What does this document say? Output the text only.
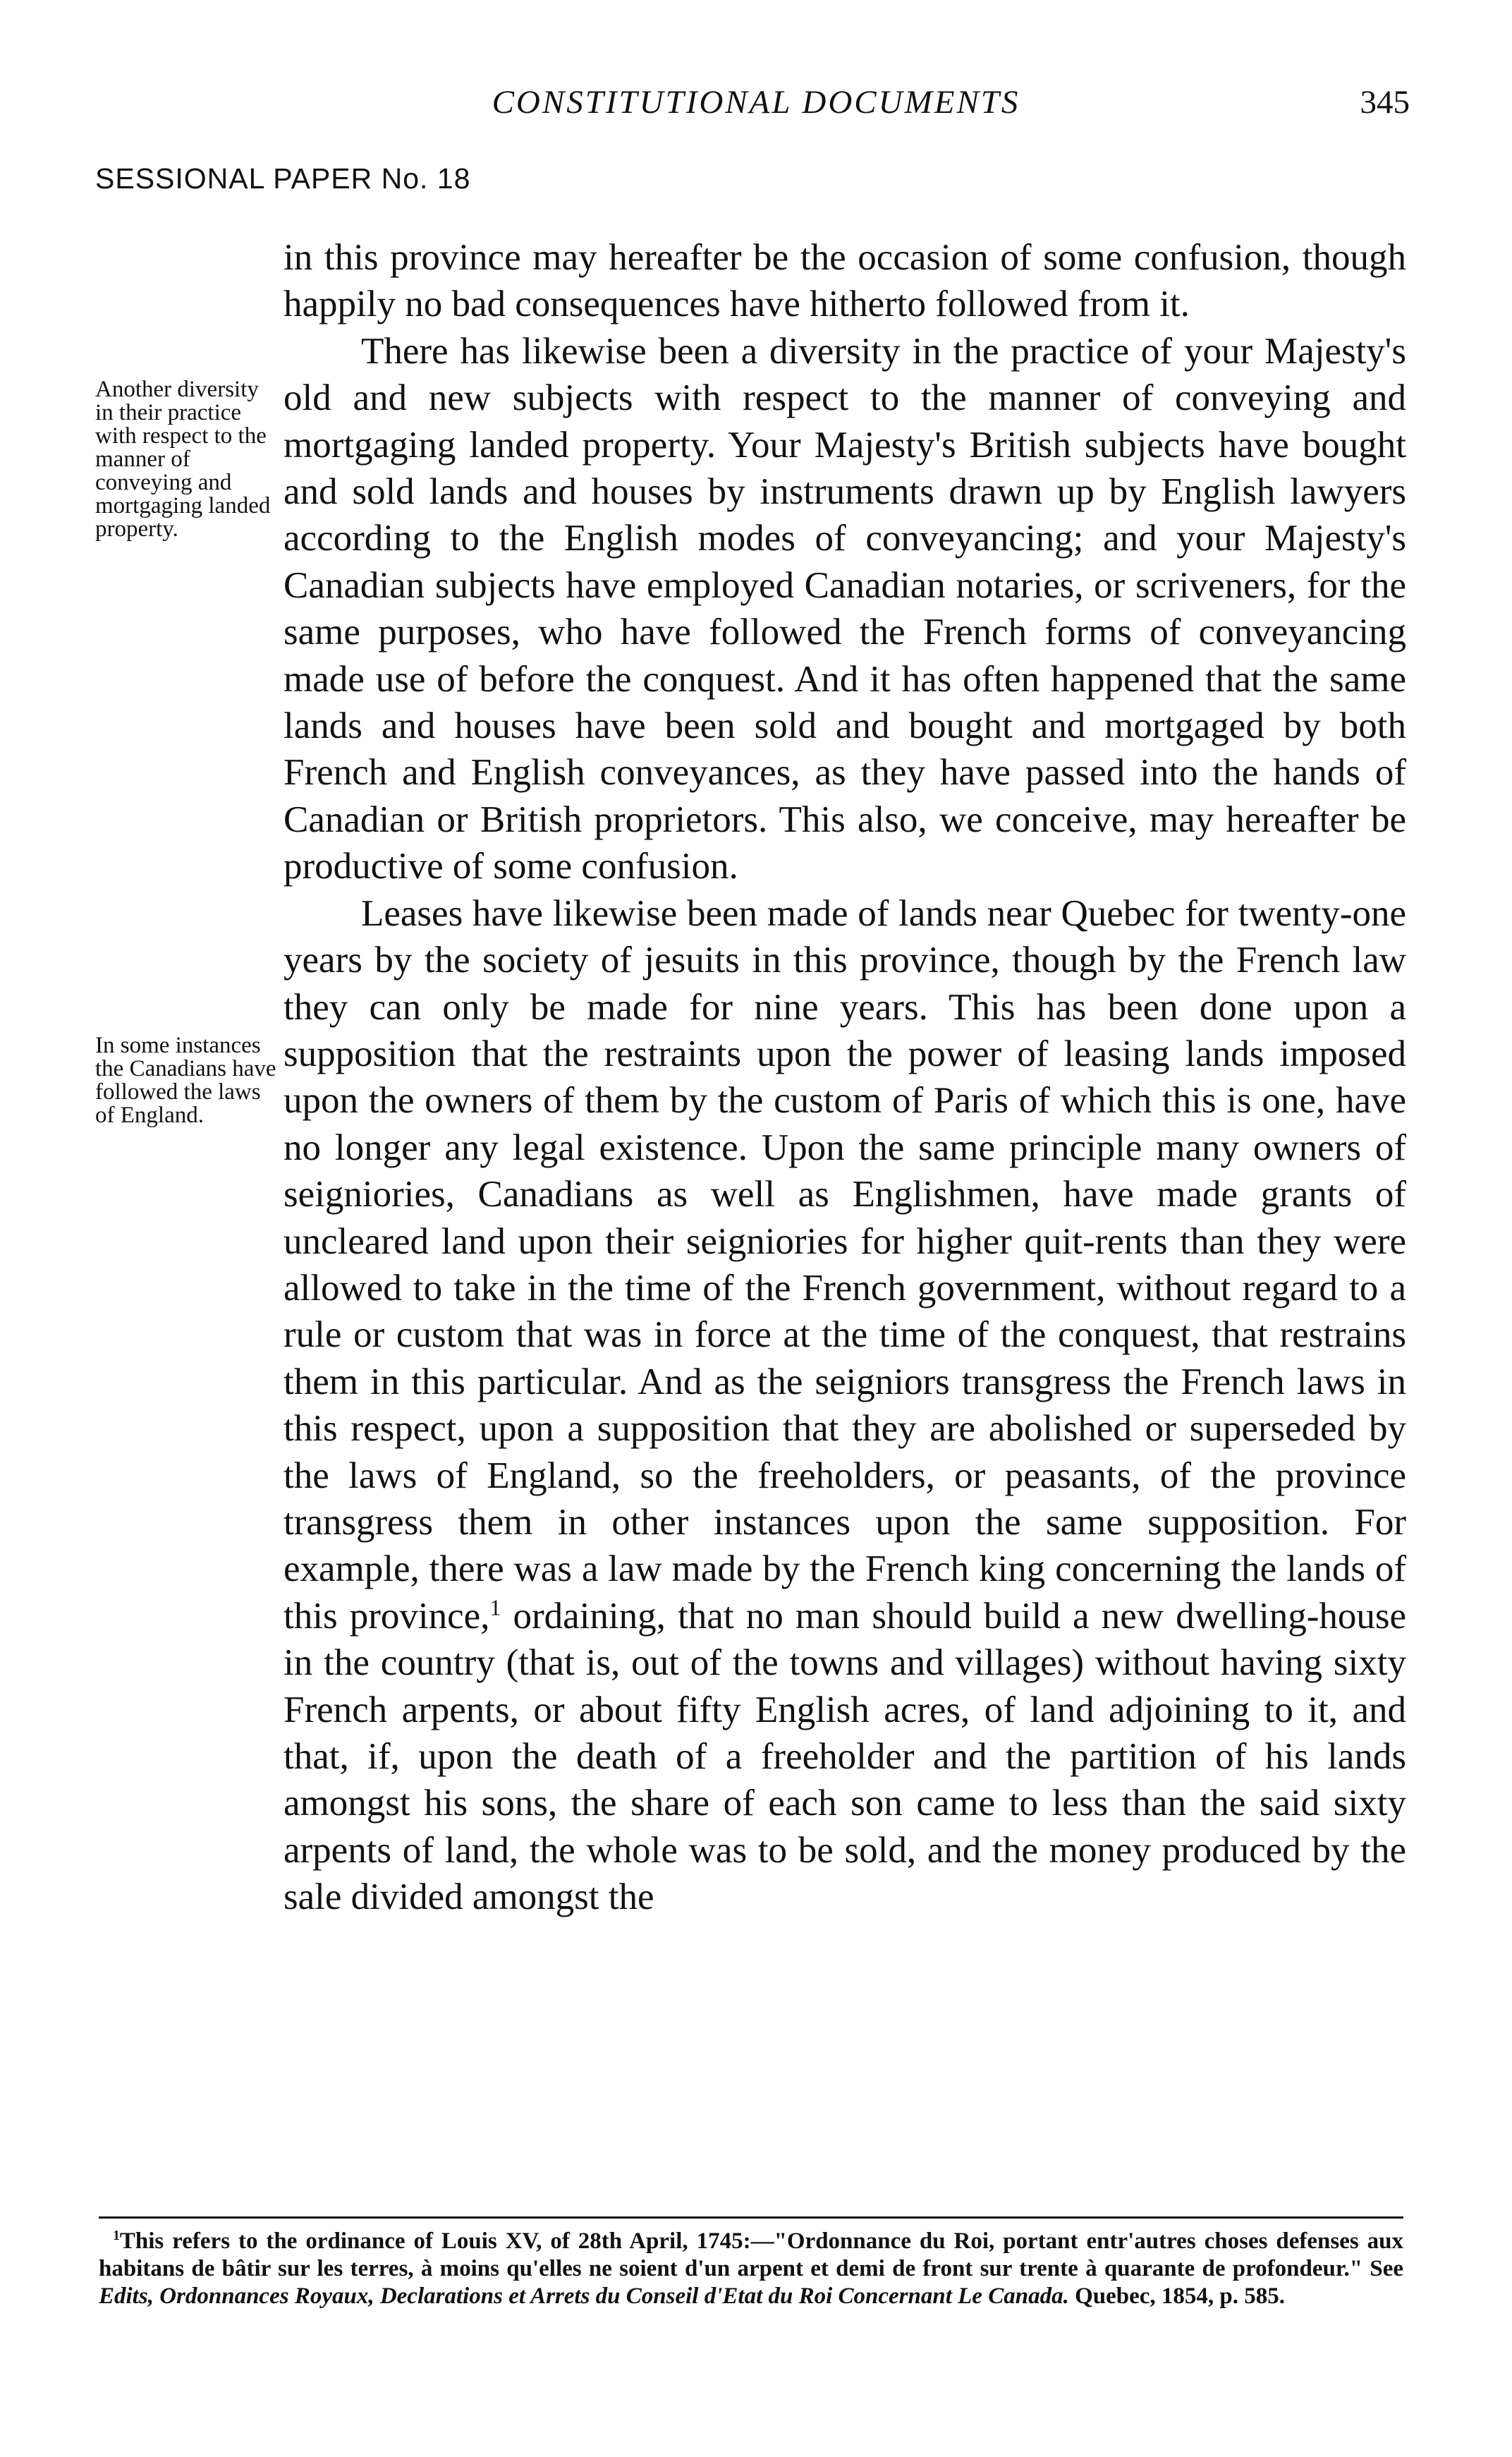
CONSTITUTIONAL DOCUMENTS	345
SESSIONAL PAPER No. 18
Another diversity in their practice with respect to the manner of conveying and mortgaging landed property.
In some instances the Canadians have followed the laws of England.

in this province may hereafter be the occasion of some confusion, though happily no bad consequences have hitherto followed from it.

There has likewise been a diversity in the practice of your Majesty's old and new subjects with respect to the manner of conveying and mortgaging landed property. Your Majesty's British subjects have bought and sold lands and houses by instruments drawn up by English lawyers according to the English modes of conveyancing; and your Majesty's Canadian subjects have employed Canadian notaries, or scriveners, for the same purposes, who have followed the French forms of conveyancing made use of before the conquest. And it has often happened that the same lands and houses have been sold and bought and mortgaged by both French and English conveyances, as they have passed into the hands of Canadian or British proprietors. This also, we conceive, may hereafter be productive of some confusion.

Leases have likewise been made of lands near Quebec for twenty-one years by the society of jesuits in this province, though by the French law they can only be made for nine years. This has been done upon a supposition that the restraints upon the power of leasing lands imposed upon the owners of them by the custom of Paris of which this is one, have no longer any legal existence. Upon the same principle many owners of seigniories, Canadians as well as Englishmen, have made grants of uncleared land upon their seigniories for higher quit-rents than they were allowed to take in the time of the French government, without regard to a rule or custom that was in force at the time of the conquest, that restrains them in this particular. And as the seigniors transgress the French laws in this respect, upon a supposition that they are abolished or superseded by the laws of England, so the freeholders, or peasants, of the province transgress them in other instances upon the same supposition. For example, there was a law made by the French king concerning the lands of this province,$^1$ ordaining, that no man should build a new dwelling-house in the country (that is, out of the towns and villages) without having sixty French arpents, or about fifty English acres, of land adjoining to it, and that, if, upon the death of a freeholder and the partition of his lands amongst his sons, the share of each son came to less than the said sixty arpents of land, the whole was to be sold, and the money produced by the sale divided amongst the

$^1$This refers to the ordinance of Louis XV, of 28th April, 1745:—"Ordonnance du Roi, portant entr'autres choses defenses aux habitans de bâtir sur les terres, à moins qu'elles ne soient d'un arpent et demi de front sur trente à quarante de profondeur." See Edits, Ordonnances Royaux, Declarations et Arrets du Conseil d'Etat du Roi Concernant Le Canada. Quebec, 1854, p. 585.
